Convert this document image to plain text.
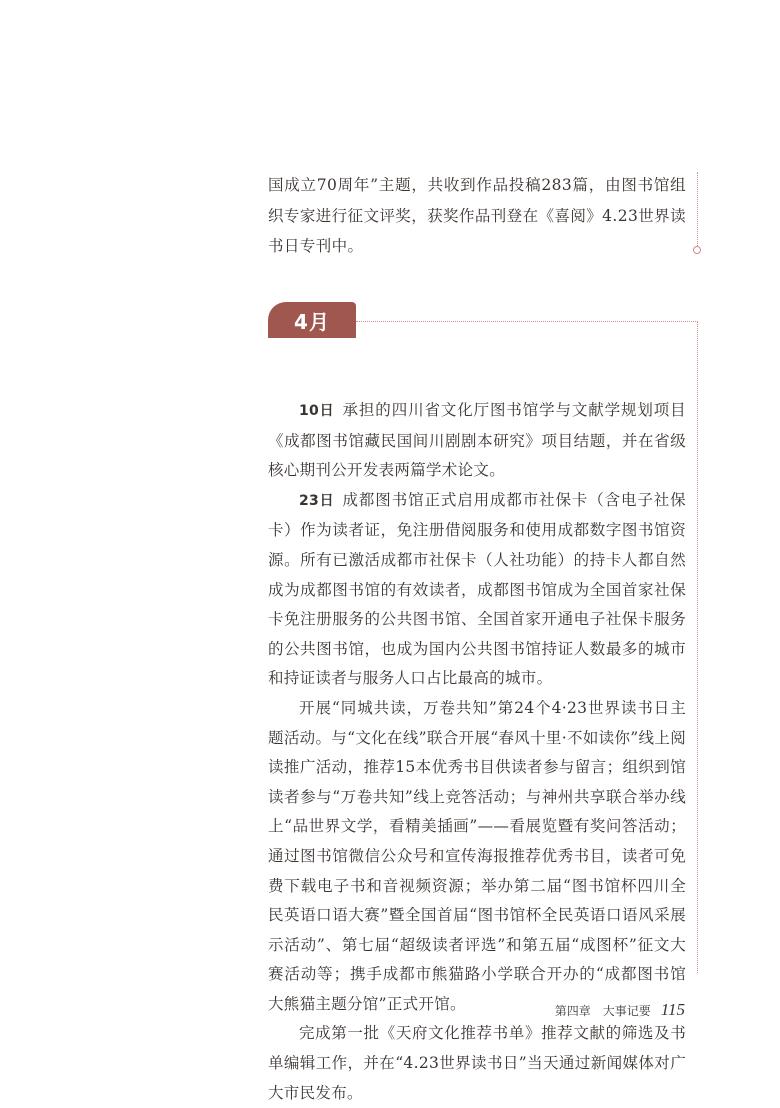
国成立70周年”主题，共收到作品投稿283篇，由图书馆组织专家进行征文评奖，获奖作品刊登在《喜阅》4.23世界读书日专刊中。

4月

10日 承担的四川省文化厅图书馆学与文献学规划项目《成都图书馆藏民国间川剧剧本研究》项目结题，并在省级核心期刊公开发表两篇学术论文。

23日 成都图书馆正式启用成都市社保卡（含电子社保卡）作为读者证，免注册借阅服务和使用成都数字图书馆资源。所有已激活成都市社保卡（人社功能）的持卡人都自然成为成都图书馆的有效读者，成都图书馆成为全国首家社保卡免注册服务的公共图书馆、全国首家开通电子社保卡服务的公共图书馆，也成为国内公共图书馆持证人数最多的城市和持证读者与服务人口占比最高的城市。

开展“同城共读，万卷共知”第24个4·23世界读书日主题活动。与“文化在线”联合开展“春风十里·不如读你”线上阅读推广活动，推荐15本优秀书目供读者参与留言；组织到馆读者参与“万卷共知”线上竞答活动；与神州共享联合举办线上“品世界文学，看精美插画”——看展览暨有奖问答活动；通过图书馆微信公众号和宣传海报推荐优秀书目，读者可免费下载电子书和音视频资源；举办第二届“图书馆杯四川全民英语口语大赛”暨全国首届“图书馆杯全民英语口语风采展示活动”、第七届“超级读者评选”和第五届“成图杯”征文大赛活动等；携手成都市熊猫路小学联合开办的“成都图书馆大熊猫主题分馆”正式开馆。

完成第一批《天府文化推荐书单》推荐文献的筛选及书单编辑工作，并在“4.23世界读书日”当天通过新闻媒体对广大市民发布。

第四章　大事记要 115
